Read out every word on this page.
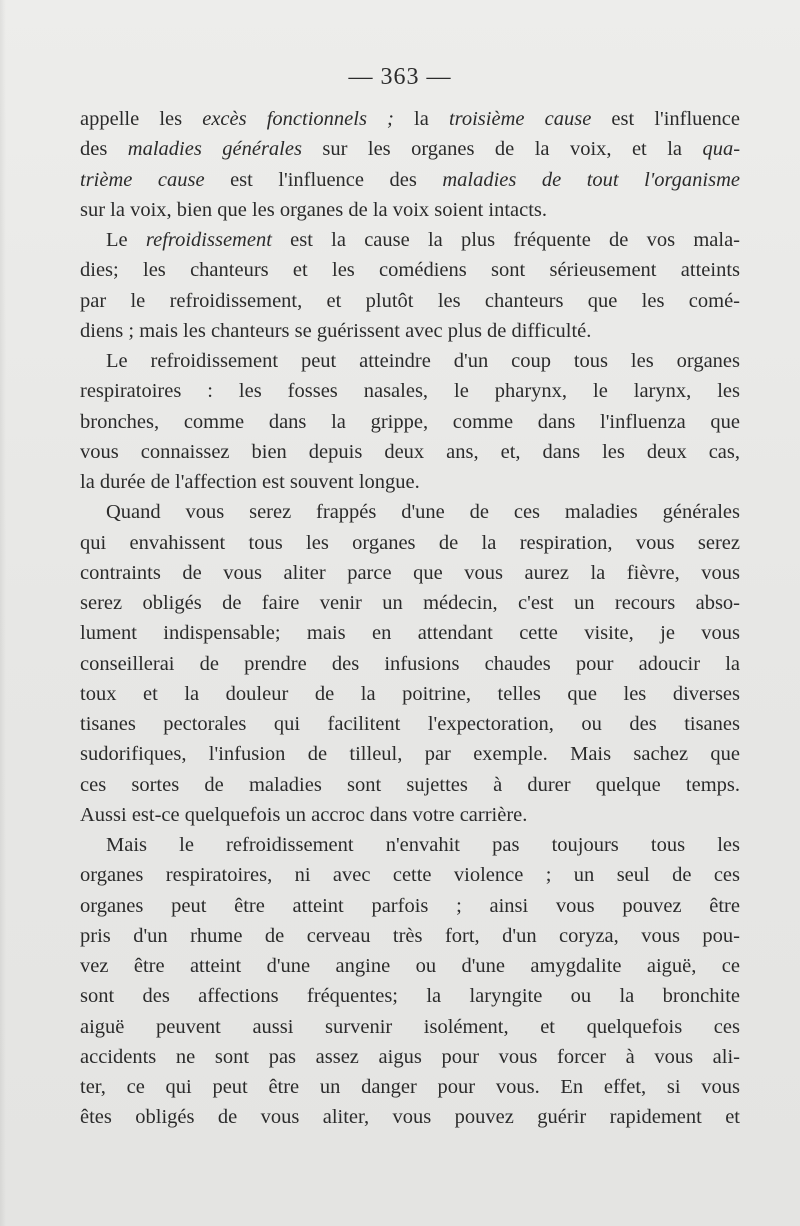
— 363 —
appelle les excès fonctionnels ; la troisième cause est l'influence
des maladies générales sur les organes de la voix, et la qua-
trième cause est l'influence des maladies de tout l'organisme
sur la voix, bien que les organes de la voix soient intacts.
Le refroidissement est la cause la plus fréquente de vos mala-
dies; les chanteurs et les comédiens sont sérieusement atteints
par le refroidissement, et plutôt les chanteurs que les comé-
diens ; mais les chanteurs se guérissent avec plus de difficulté.
Le refroidissement peut atteindre d'un coup tous les organes
respiratoires : les fosses nasales, le pharynx, le larynx, les
bronches, comme dans la grippe, comme dans l'influenza que
vous connaissez bien depuis deux ans, et, dans les deux cas,
la durée de l'affection est souvent longue.
Quand vous serez frappés d'une de ces maladies générales
qui envahissent tous les organes de la respiration, vous serez
contraints de vous aliter parce que vous aurez la fièvre, vous
serez obligés de faire venir un médecin, c'est un recours abso-
lument indispensable; mais en attendant cette visite, je vous
conseillerai de prendre des infusions chaudes pour adoucir la
toux et la douleur de la poitrine, telles que les diverses
tisanes pectorales qui facilitent l'expectoration, ou des tisanes
sudorifiques, l'infusion de tilleul, par exemple. Mais sachez que
ces sortes de maladies sont sujettes à durer quelque temps.
Aussi est-ce quelquefois un accroc dans votre carrière.
Mais le refroidissement n'envahit pas toujours tous les
organes respiratoires, ni avec cette violence ; un seul de ces
organes peut être atteint parfois ; ainsi vous pouvez être
pris d'un rhume de cerveau très fort, d'un coryza, vous pou-
vez être atteint d'une angine ou d'une amygdalite aiguë, ce
sont des affections fréquentes; la laryngite ou la bronchite
aiguë peuvent aussi survenir isolément, et quelquefois ces
accidents ne sont pas assez aigus pour vous forcer à vous ali-
ter, ce qui peut être un danger pour vous. En effet, si vous
êtes obligés de vous aliter, vous pouvez guérir rapidement et
